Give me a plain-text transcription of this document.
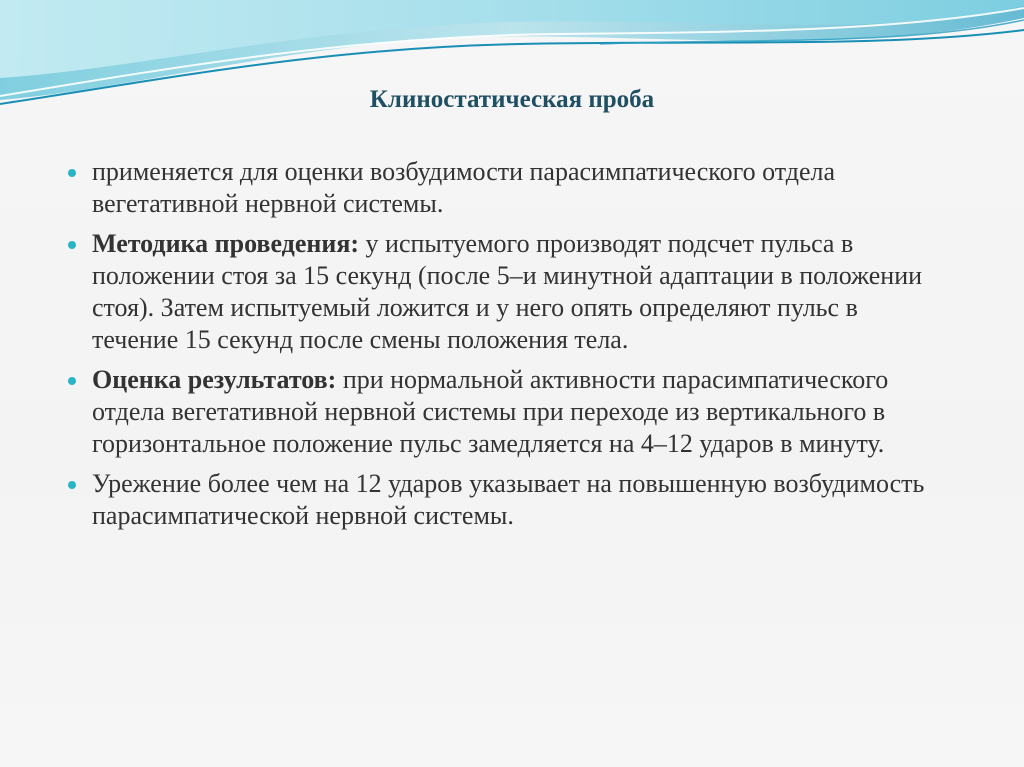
Клиностатическая проба
применяется для оценки возбудимости парасимпатического отдела вегетативной нервной системы.
Методика проведения: у испытуемого производят подсчет пульса в положении стоя за 15 секунд (после 5–и минутной адаптации в положении стоя). Затем испытуемый ложится и у него опять определяют пульс в течение 15 секунд после смены положения тела.
Оценка результатов: при нормальной активности парасимпатического отдела вегетативной нервной системы при переходе из вертикального в горизонтальное положение пульс замедляется на 4–12 ударов в минуту.
Урежение более чем на 12 ударов указывает на повышенную возбудимость парасимпатической нервной системы.
